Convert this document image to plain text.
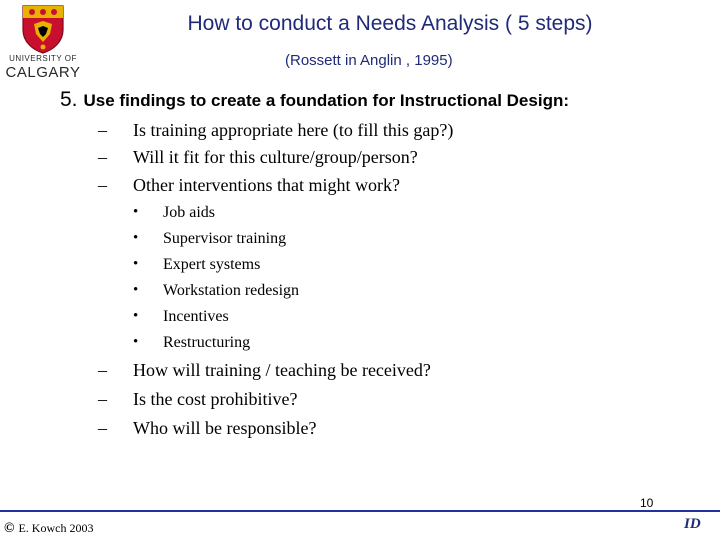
UNIVERSITY OF
CALGARY
How to conduct a Needs Analysis ( 5 steps)
(Rossett in Anglin , 1995)
5. Use findings to create a foundation for Instructional Design:
– Is training appropriate here (to fill this gap?)
– Will it fit for this culture/group/person?
– Other interventions that might work?
• Job aids
• Supervisor training
• Expert systems
• Workstation redesign
• Incentives
• Restructuring
– How will training / teaching be received?
– Is the cost prohibitive?
– Who will be responsible?
10
© E. Kowch 2003	ID
